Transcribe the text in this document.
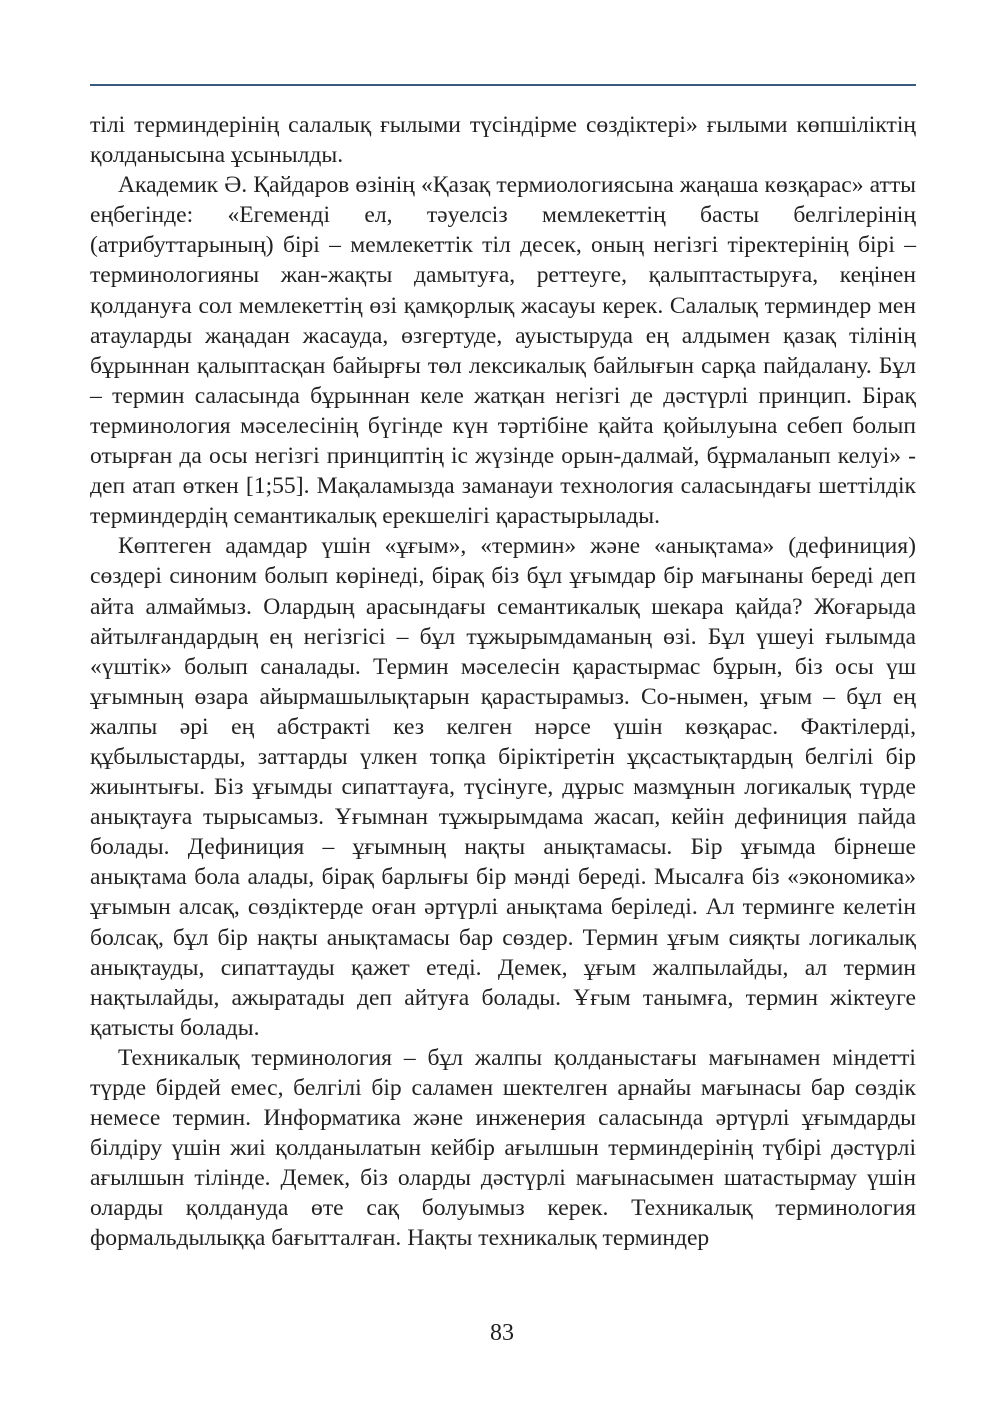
тілі терминдерінің салалық ғылыми түсіндірме сөздіктері» ғылыми көпшіліктің қолданысына ұсынылды.

Академик Ә. Қайдаров өзінің «Қазақ термиологиясына жаңаша көзқарас» атты еңбегінде: «Егеменді ел, тәуелсіз мемлекеттің басты белгілерінің (атрибуттарының) бірі – мемлекеттік тіл десек, оның негізгі тіректерінің бірі – терминологияны жан-жақты дамытуға, реттеуге, қалыптастыруға, кеңінен қолдануға сол мемлекеттің өзі қамқорлық жасауы керек. Салалық терминдер мен атауларды жаңадан жасауда, өзгертуде, ауыстыруда ең алдымен қазақ тілінің бұрыннан қалыптасқан байырғы төл лексикалық байлығын сарқа пайдалану. Бұл – термин саласында бұрыннан келе жатқан негізгі де дәстүрлі принцип. Бірақ терминология мәселесінің бүгінде күн тәртібіне қайта қойылуына себеп болып отырған да осы негізгі принциптің іс жүзінде орын-далмай, бұрмаланып келуі» - деп атап өткен [1;55]. Мақаламызда заманауи технология саласындағы шеттілдік терминдердің семантикалық ерекшелігі қарастырылады.

Көптеген адамдар үшін «ұғым», «термин» және «анықтама» (дефиниция) сөздері синоним болып көрінеді, бірақ біз бұл ұғымдар бір мағынаны береді деп айта алмаймыз. Олардың арасындағы семантикалық шекара қайда? Жоғарыда айтылғандардың ең негізгісі – бұл тұжырымдаманың өзі. Бұл үшеуі ғылымда «үштік» болып саналады. Термин мәселесін қарастырмас бұрын, біз осы үш ұғымның өзара айырмашылықтарын қарастырамыз. Со-нымен, ұғым – бұл ең жалпы әрі ең абстракті кез келген нәрсе үшін көзқарас. Фактілерді, құбылыстарды, заттарды үлкен топқа біріктіретін ұқсастықтардың белгілі бір жиынтығы. Біз ұғымды сипаттауға, түсінуге, дұрыс мазмұнын логикалық түрде анықтауға тырысамыз. Ұғымнан тұжырымдама жасап, кейін дефиниция пайда болады. Дефиниция – ұғымның нақты анықтамасы. Бір ұғымда бірнеше анықтама бола алады, бірақ барлығы бір мәнді береді. Мысалға біз «экономика» ұғымын алсақ, сөздіктерде оған әртүрлі анықтама беріледі. Ал терминге келетін болсақ, бұл бір нақты анықтамасы бар сөздер. Термин ұғым сияқты логикалық анықтауды, сипаттауды қажет етеді. Демек, ұғым жалпылайды, ал термин нақтылайды, ажыратады деп айтуға болады. Ұғым танымға, термин жіктеуге қатысты болады.

Техникалық терминология – бұл жалпы қолданыстағы мағынамен міндетті түрде бірдей емес, белгілі бір саламен шектелген арнайы мағынасы бар сөздік немесе термин. Информатика және инженерия саласында әртүрлі ұғымдарды білдіру үшін жиі қолданылатын кейбір ағылшын терминдерінің түбірі дәстүрлі ағылшын тілінде. Демек, біз оларды дәстүрлі мағынасымен шатастырмау үшін оларды қолдануда өте сақ болуымыз керек. Техникалық терминология формальдылыққа бағытталған. Нақты техникалық терминдер

83
